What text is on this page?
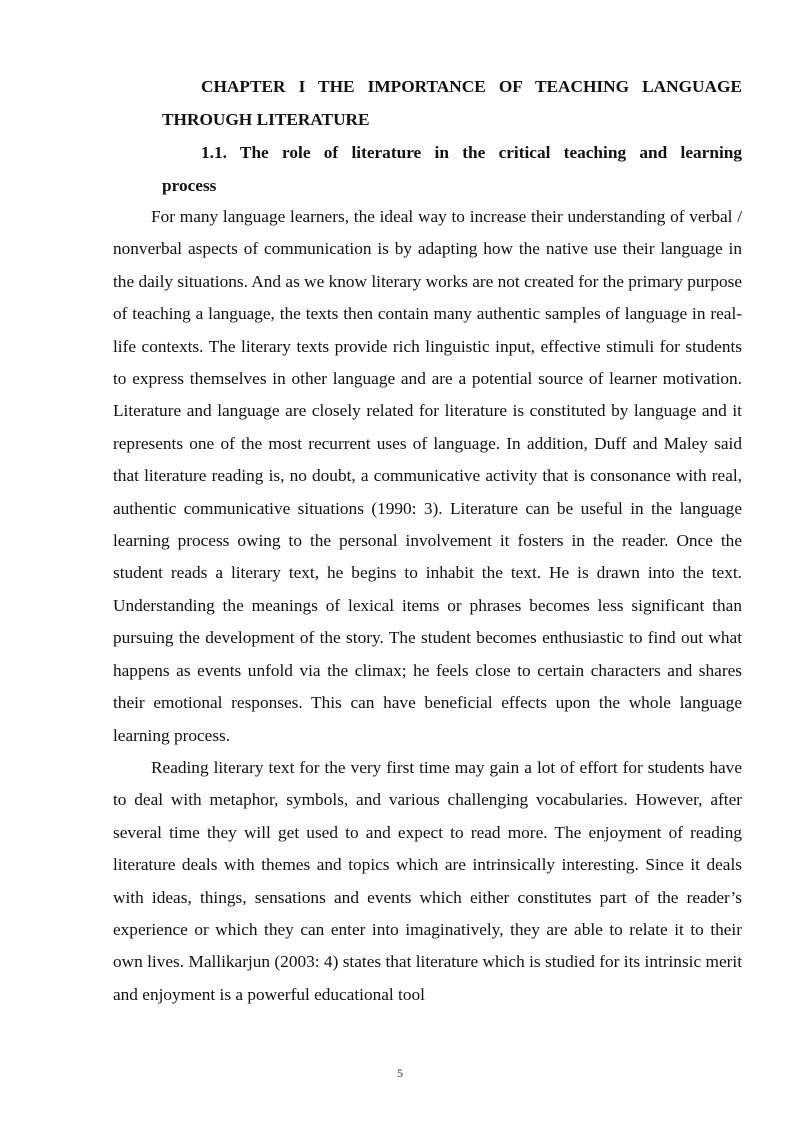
CHAPTER I THE IMPORTANCE OF TEACHING LANGUAGE
THROUGH LITERATURE
1.1. The role of literature in the critical teaching and learning
process

For many language learners, the ideal way to increase their understanding of verbal / nonverbal aspects of communication is by adapting how the native use their language in the daily situations. And as we know literary works are not created for the primary purpose of teaching a language, the texts then contain many authentic samples of language in real-life contexts. The literary texts provide rich linguistic input, effective stimuli for students to express themselves in other language and are a potential source of learner motivation. Literature and language are closely related for literature is constituted by language and it represents one of the most recurrent uses of language. In addition, Duff and Maley said that literature reading is, no doubt, a communicative activity that is consonance with real, authentic communicative situations (1990: 3). Literature can be useful in the language learning process owing to the personal involvement it fosters in the reader. Once the student reads a literary text, he begins to inhabit the text. He is drawn into the text. Understanding the meanings of lexical items or phrases becomes less significant than pursuing the development of the story. The student becomes enthusiastic to find out what happens as events unfold via the climax; he feels close to certain characters and shares their emotional responses. This can have beneficial effects upon the whole language learning process.

Reading literary text for the very first time may gain a lot of effort for students have to deal with metaphor, symbols, and various challenging vocabularies. However, after several time they will get used to and expect to read more. The enjoyment of reading literature deals with themes and topics which are intrinsically interesting. Since it deals with ideas, things, sensations and events which either constitutes part of the reader’s experience or which they can enter into imaginatively, they are able to relate it to their own lives. Mallikarjun (2003: 4) states that literature which is studied for its intrinsic merit and enjoyment is a powerful educational tool

5
